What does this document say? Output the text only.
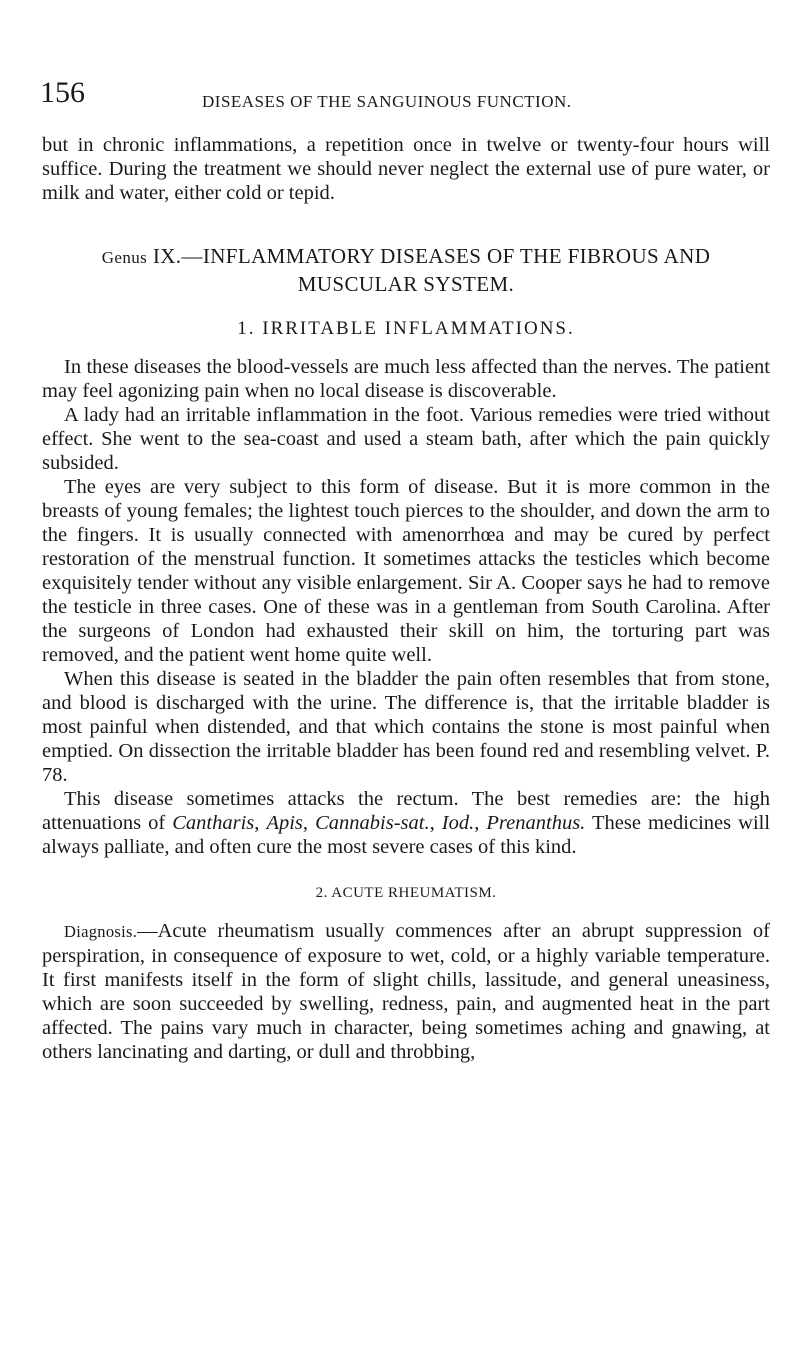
156	DISEASES OF THE SANGUINOUS FUNCTION.

but in chronic inflammations, a repetition once in twelve or twenty-four hours will suffice. During the treatment we should never neglect the external use of pure water, or milk and water, either cold or tepid.

Genus IX.—INFLAMMATORY DISEASES OF THE FIBROUS AND MUSCULAR SYSTEM.

1. IRRITABLE INFLAMMATIONS.

In these diseases the blood-vessels are much less affected than the nerves. The patient may feel agonizing pain when no local disease is discoverable.

A lady had an irritable inflammation in the foot. Various remedies were tried without effect. She went to the sea-coast and used a steam bath, after which the pain quickly subsided.

The eyes are very subject to this form of disease. But it is more common in the breasts of young females; the lightest touch pierces to the shoulder, and down the arm to the fingers. It is usually connected with amenorrhœa and may be cured by perfect restoration of the menstrual function. It sometimes attacks the testicles which become exquisitely tender without any visible enlargement. Sir A. Cooper says he had to remove the testicle in three cases. One of these was in a gentleman from South Carolina. After the surgeons of London had exhausted their skill on him, the torturing part was removed, and the patient went home quite well.

When this disease is seated in the bladder the pain often resembles that from stone, and blood is discharged with the urine. The difference is, that the irritable bladder is most painful when distended, and that which contains the stone is most painful when emptied. On dissection the irritable bladder has been found red and resembling velvet. P. 78.

This disease sometimes attacks the rectum. The best remedies are: the high attenuations of Cantharis, Apis, Cannabis-sat., Iod., Prenanthus. These medicines will always palliate, and often cure the most severe cases of this kind.

2. ACUTE RHEUMATISM.

Diagnosis.—Acute rheumatism usually commences after an abrupt suppression of perspiration, in consequence of exposure to wet, cold, or a highly variable temperature. It first manifests itself in the form of slight chills, lassitude, and general uneasiness, which are soon succeeded by swelling, redness, pain, and augmented heat in the part affected. The pains vary much in character, being sometimes aching and gnawing, at others lancinating and darting, or dull and throbbing,
